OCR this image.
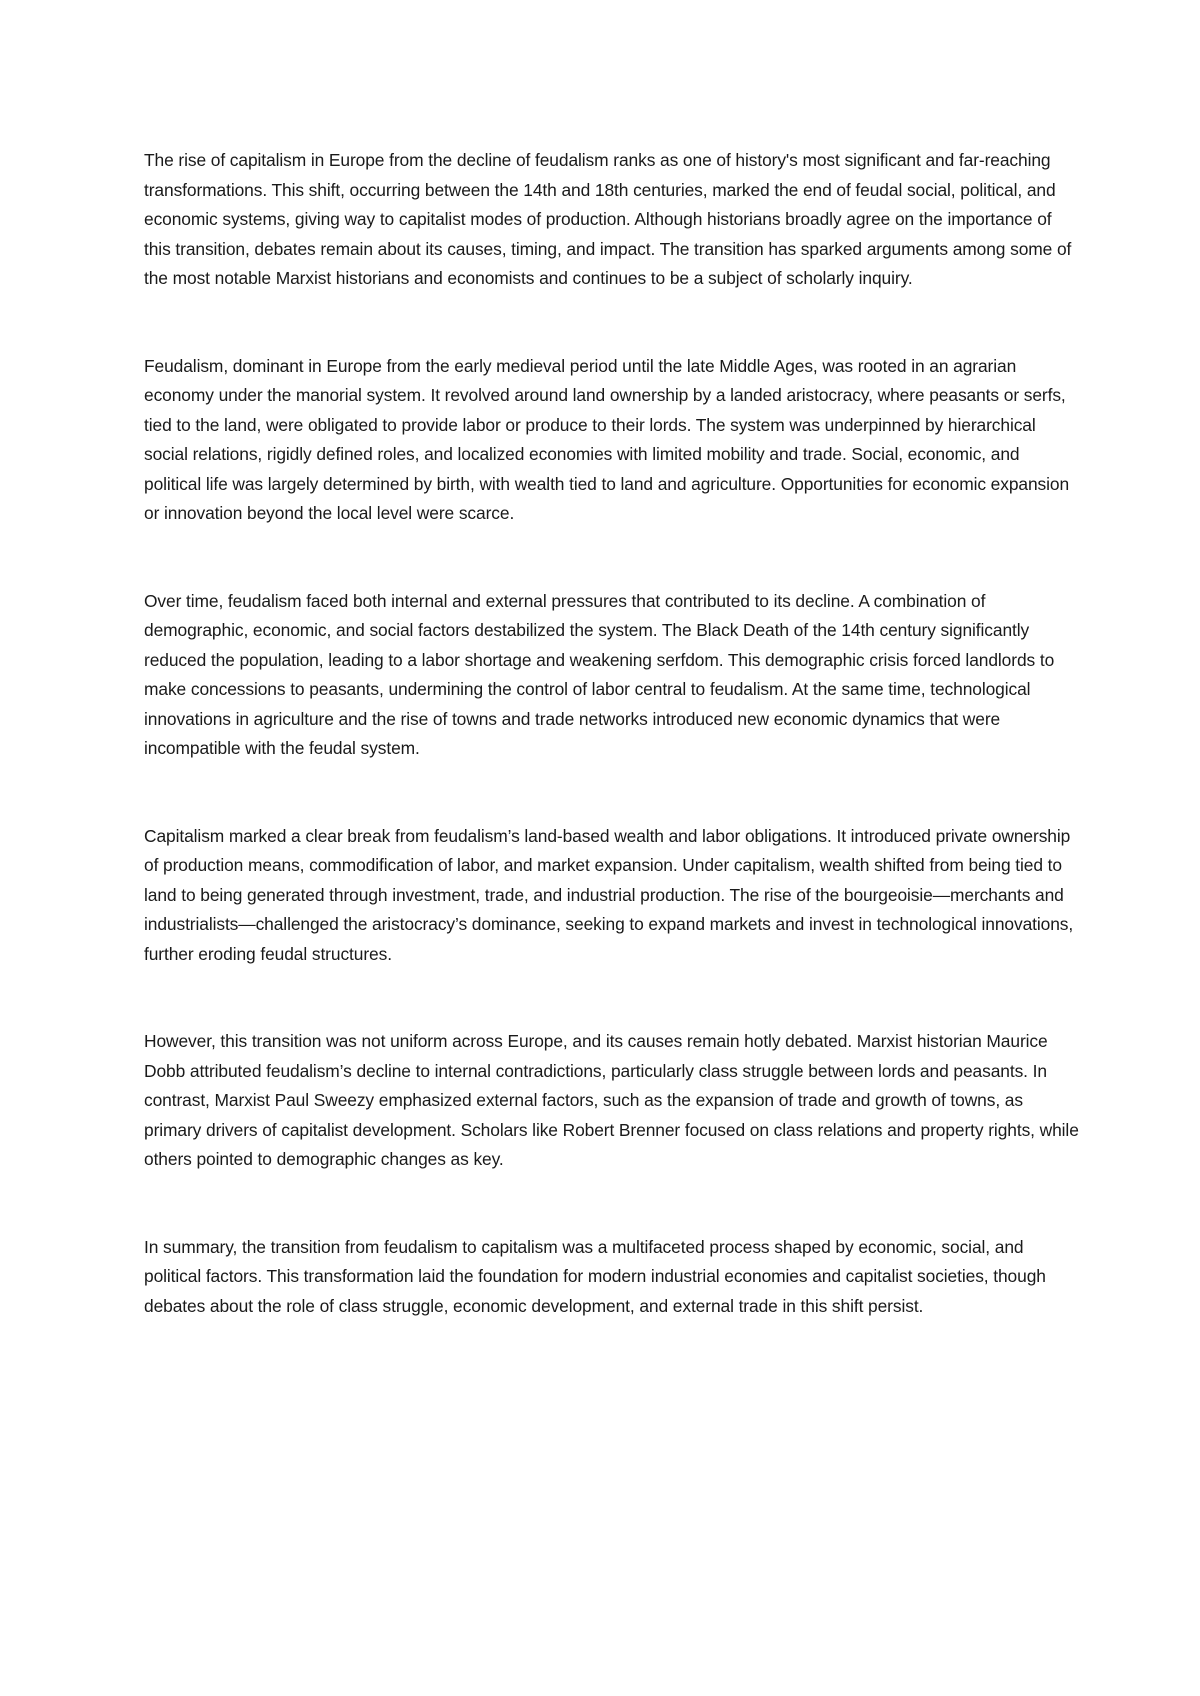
The rise of capitalism in Europe from the decline of feudalism ranks as one of history's most significant and far-reaching transformations. This shift, occurring between the 14th and 18th centuries, marked the end of feudal social, political, and economic systems, giving way to capitalist modes of production. Although historians broadly agree on the importance of this transition, debates remain about its causes, timing, and impact. The transition has sparked arguments among some of the most notable Marxist historians and economists and continues to be a subject of scholarly inquiry.

Feudalism, dominant in Europe from the early medieval period until the late Middle Ages, was rooted in an agrarian economy under the manorial system. It revolved around land ownership by a landed aristocracy, where peasants or serfs, tied to the land, were obligated to provide labor or produce to their lords. The system was underpinned by hierarchical social relations, rigidly defined roles, and localized economies with limited mobility and trade. Social, economic, and political life was largely determined by birth, with wealth tied to land and agriculture. Opportunities for economic expansion or innovation beyond the local level were scarce.

Over time, feudalism faced both internal and external pressures that contributed to its decline. A combination of demographic, economic, and social factors destabilized the system. The Black Death of the 14th century significantly reduced the population, leading to a labor shortage and weakening serfdom. This demographic crisis forced landlords to make concessions to peasants, undermining the control of labor central to feudalism. At the same time, technological innovations in agriculture and the rise of towns and trade networks introduced new economic dynamics that were incompatible with the feudal system.

Capitalism marked a clear break from feudalism’s land-based wealth and labor obligations. It introduced private ownership of production means, commodification of labor, and market expansion. Under capitalism, wealth shifted from being tied to land to being generated through investment, trade, and industrial production. The rise of the bourgeoisie—merchants and industrialists—challenged the aristocracy’s dominance, seeking to expand markets and invest in technological innovations, further eroding feudal structures.

However, this transition was not uniform across Europe, and its causes remain hotly debated. Marxist historian Maurice Dobb attributed feudalism’s decline to internal contradictions, particularly class struggle between lords and peasants. In contrast, Marxist Paul Sweezy emphasized external factors, such as the expansion of trade and growth of towns, as primary drivers of capitalist development. Scholars like Robert Brenner focused on class relations and property rights, while others pointed to demographic changes as key.

In summary, the transition from feudalism to capitalism was a multifaceted process shaped by economic, social, and political factors. This transformation laid the foundation for modern industrial economies and capitalist societies, though debates about the role of class struggle, economic development, and external trade in this shift persist.
